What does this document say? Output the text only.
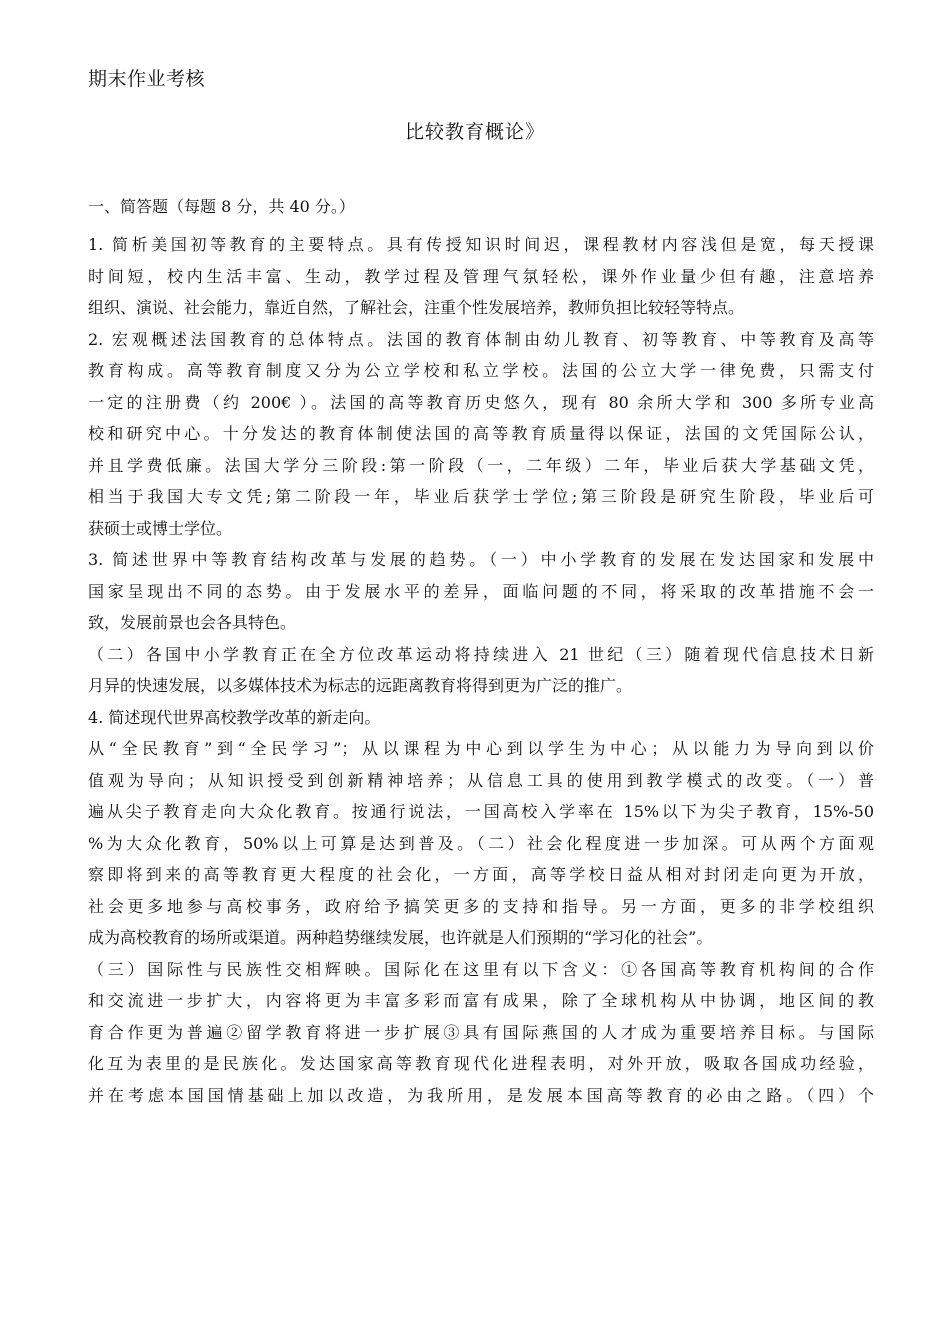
期末作业考核
比较教育概论》
一、简答题（每题 8 分，共 40 分。）
1. 简析美国初等教育的主要特点。具有传授知识时间迟，课程教材内容浅但是宽，每天授课
时间短，校内生活丰富、生动，教学过程及管理气氛轻松，课外作业量少但有趣，注意培养
组织、演说、社会能力，靠近自然，了解社会，注重个性发展培养，教师负担比较轻等特点。
2. 宏观概述法国教育的总体特点。法国的教育体制由幼儿教育、初等教育、中等教育及高等
教育构成。高等教育制度又分为公立学校和私立学校。法国的公立大学一律免费，只需支付
一定的注册费（约 200€ ）。法国的高等教育历史悠久，现有 80 余所大学和 300 多所专业高
校和研究中心。十分发达的教育体制使法国的高等教育质量得以保证，法国的文凭国际公认，
并且学费低廉。法国大学分三阶段:第一阶段（一，二年级）二年，毕业后获大学基础文凭，
相当于我国大专文凭;第二阶段一年，毕业后获学士学位;第三阶段是研究生阶段，毕业后可
获硕士或博士学位。
3. 简述世界中等教育结构改革与发展的趋势。（一）中小学教育的发展在发达国家和发展中
国家呈现出不同的态势。由于发展水平的差异，面临问题的不同，将采取的改革措施不会一
致，发展前景也会各具特色。
（二）各国中小学教育正在全方位改革运动将持续进入 21 世纪（三）随着现代信息技术日新
月异的快速发展，以多媒体技术为标志的远距离教育将得到更为广泛的推广。
4. 简述现代世界高校教学改革的新走向。
从“全民教育”到“全民学习”；从以课程为中心到以学生为中心；从以能力为导向到以价
值观为导向；从知识授受到创新精神培养；从信息工具的使用到教学模式的改变。（一）普
遍从尖子教育走向大众化教育。按通行说法，一国高校入学率在 15%以下为尖子教育，15%-50
%为大众化教育，50%以上可算是达到普及。（二）社会化程度进一步加深。可从两个方面观
察即将到来的高等教育更大程度的社会化，一方面，高等学校日益从相对封闭走向更为开放，
社会更多地参与高校事务，政府给予搞笑更多的支持和指导。另一方面，更多的非学校组织
成为高校教育的场所或渠道。两种趋势继续发展，也许就是人们预期的“学习化的社会”。
（三）国际性与民族性交相辉映。国际化在这里有以下含义：①各国高等教育机构间的合作
和交流进一步扩大，内容将更为丰富多彩而富有成果，除了全球机构从中协调，地区间的教
育合作更为普遍②留学教育将进一步扩展③具有国际燕国的人才成为重要培养目标。与国际
化互为表里的是民族化。发达国家高等教育现代化进程表明，对外开放，吸取各国成功经验，
并在考虑本国国情基础上加以改造，为我所用，是发展本国高等教育的必由之路。（四）个
